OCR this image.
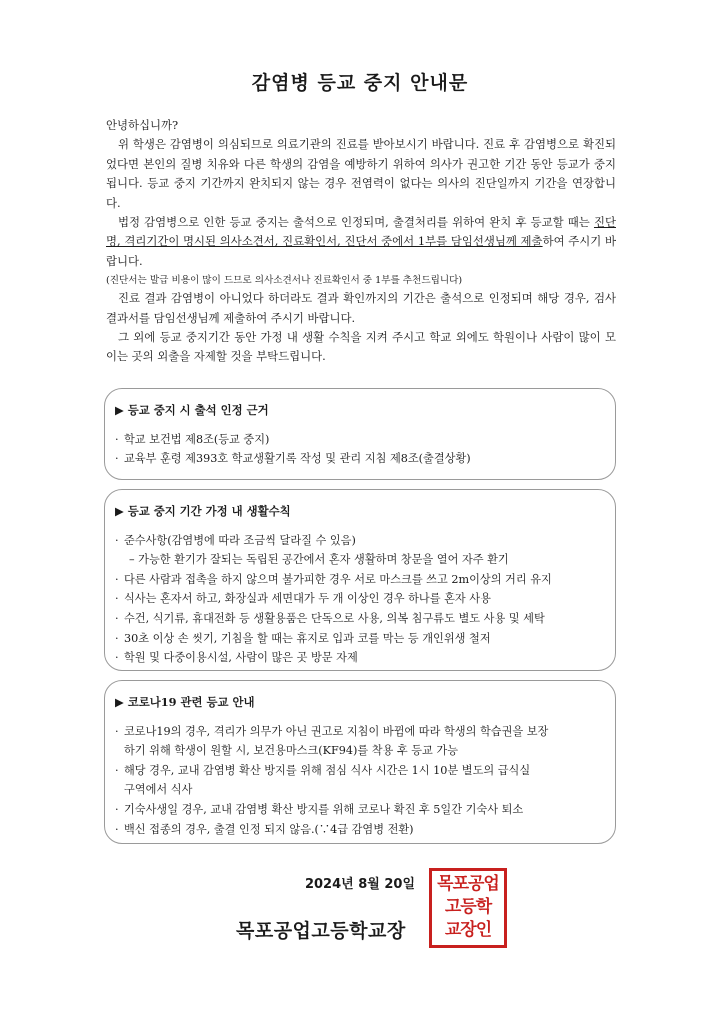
감염병 등교 중지 안내문

안녕하십니까?

위 학생은 감염병이 의심되므로 의료기관의 진료를 받아보시기 바랍니다. 진료 후 감염병으로 확진되었다면 본인의 질병 치유와 다른 학생의 감염을 예방하기 위하여 의사가 권고한 기간 동안 등교가 중지됩니다. 등교 중지 기간까지 완치되지 않는 경우 전염력이 없다는 의사의 진단일까지 기간을 연장합니다.

법정 감염병으로 인한 등교 중지는 출석으로 인정되며, 출결처리를 위하여 완치 후 등교할 때는 진단명, 격리기간이 명시된 의사소견서, 진료확인서, 진단서 중에서 1부를 담임선생님께 제출하여 주시기 바랍니다.

(진단서는 발급 비용이 많이 드므로 의사소견서나 진료확인서 중 1부를 추천드립니다)

진료 결과 감염병이 아니었다 하더라도 결과 확인까지의 기간은 출석으로 인정되며 해당 경우, 검사결과서를 담임선생님께 제출하여 주시기 바랍니다.

그 외에 등교 중지기간 동안 가정 내 생활 수칙을 지켜 주시고 학교 외에도 학원이나 사람이 많이 모이는 곳의 외출을 자제할 것을 부탁드립니다.

▶ 등교 중지 시 출석 인정 근거
· 학교 보건법 제8조(등교 중지)
· 교육부 훈령 제393호 학교생활기록 작성 및 관리 지침 제8조(출결상황)
▶ 등교 중지 기간 가정 내 생활수칙
· 준수사항(감염병에 따라 조금씩 달라질 수 있음)
– 가능한 환기가 잘되는 독립된 공간에서 혼자 생활하며 창문을 열어 자주 환기
· 다른 사람과 접촉을 하지 않으며 불가피한 경우 서로 마스크를 쓰고 2m이상의 거리 유지
· 식사는 혼자서 하고, 화장실과 세면대가 두 개 이상인 경우 하나를 혼자 사용
· 수건, 식기류, 휴대전화 등 생활용품은 단독으로 사용, 의복 침구류도 별도 사용 및 세탁
· 30초 이상 손 씻기, 기침을 할 때는 휴지로 입과 코를 막는 등 개인위생 철저
· 학원 및 다중이용시설, 사람이 많은 곳 방문 자제
▶ 코로나19 관련 등교 안내
· 코로나19의 경우, 격리가 의무가 아닌 권고로 지침이 바뀜에 따라 학생의 학습권을 보장
하기 위해 학생이 원할 시, 보건용마스크(KF94)를 착용 후 등교 가능
· 해당 경우, 교내 감염병 확산 방지를 위해 점심 식사 시간은 1시 10분 별도의 급식실
구역에서 식사
· 기숙사생일 경우, 교내 감염병 확산 방지를 위해 코로나 확진 후 5일간 기숙사 퇴소
· 백신 접종의 경우, 출결 인정 되지 않음.(∵4급 감염병 전환)
2024년 8월 20일
목포공업고등학교장
목포공업
고등학
교장인
